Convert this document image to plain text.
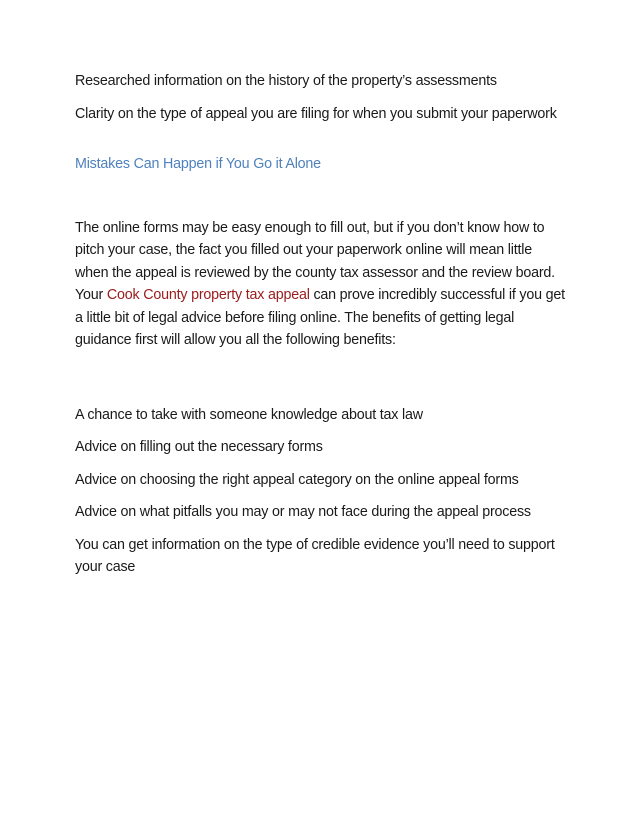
Researched information on the history of the property’s assessments

Clarity on the type of appeal you are filing for when you submit your paperwork

Mistakes Can Happen if You Go it Alone

The online forms may be easy enough to fill out, but if you don’t know how to pitch your case, the fact you filled out your paperwork online will mean little when the appeal is reviewed by the county tax assessor and the review board. Your Cook County property tax appeal can prove incredibly successful if you get a little bit of legal advice before filing online. The benefits of getting legal guidance first will allow you all the following benefits:

A chance to take with someone knowledge about tax law

Advice on filling out the necessary forms

Advice on choosing the right appeal category on the online appeal forms

Advice on what pitfalls you may or may not face during the appeal process

You can get information on the type of credible evidence you’ll need to support your case
